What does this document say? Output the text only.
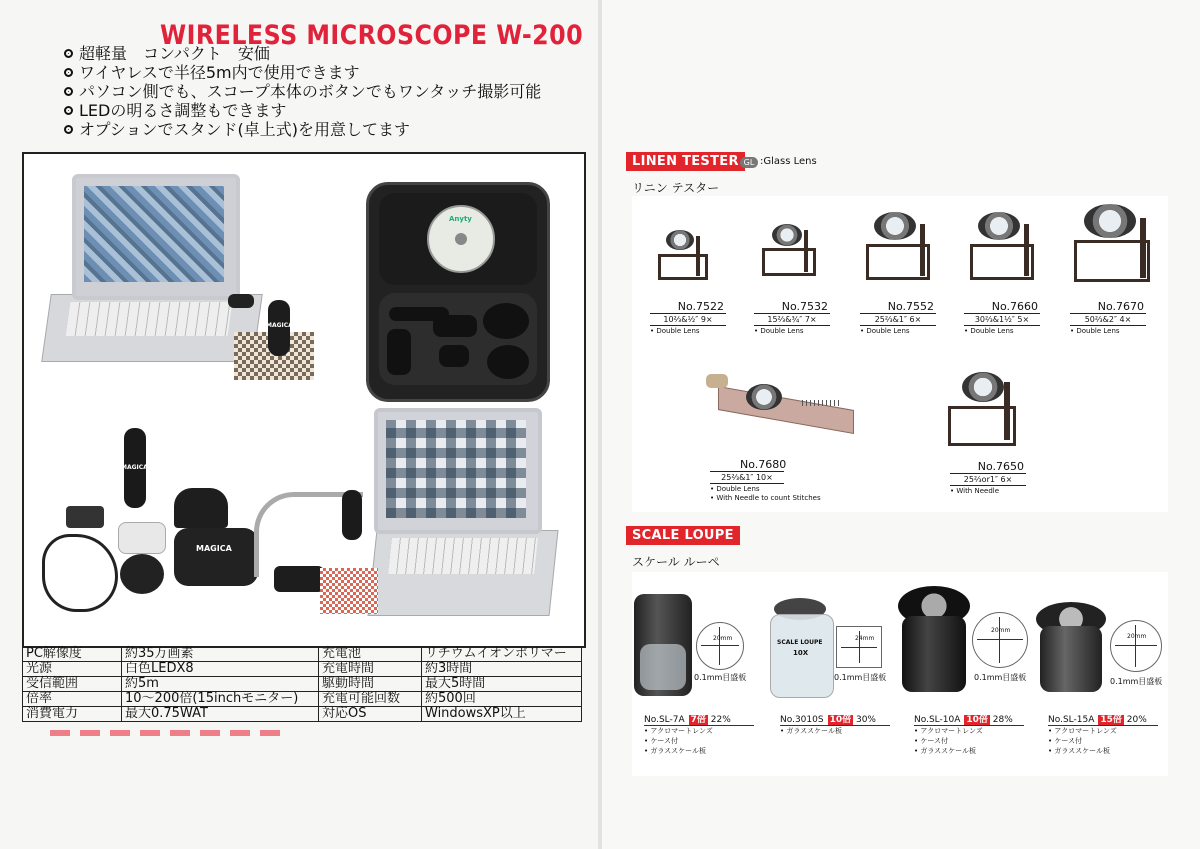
WIRELESS MICROSCOPE W-200
超軽量　コンパクト　安価
ワイヤレスで半径5m内で使用できます
パソコン側でも、スコープ本体のボタンでもワンタッチ撮影可能
LEDの明るさ調整もできます
オプションでスタンド(卓上式)を用意してます
MAGICA
Anyty
MAGICA
MAGICA
PC解像度	約35万画素	充電池	リチウムイオンポリマー
光源	白色LEDX8	充電時間	約3時間
受信範囲	約5m	駆動時間	最大5時間
倍率	10〜200倍(15inchモニター)	充電可能回数	約500回
消費電力	最大0.75WAT	対応OS	WindowsXP以上
LINEN TESTER GL :Glass Lens
リニン テスター
No.7522
10⅔&½″ 9×
• Double Lens
No.7532
15⅔&¾″ 7×
• Double Lens
No.7552
25⅔&1″ 6×
• Double Lens
No.7660
30⅔&1½″ 5×
• Double Lens
No.7670
50⅔&2″ 4×
• Double Lens
No.7680
25⅔&1″ 10×
• Double Lens
• With Needle to count Stitches
No.7650
25⅔or1″ 6×
• With Needle
SCALE LOUPE
スケール ルーペ
20mm
0.1mm目盛板
SCALE LOUPE
10X
24mm
0.1mm目盛板
20mm
0.1mm目盛板
20mm
0.1mm目盛板
No.SL-7A 7倍 22%
• アクロマートレンズ
• ケース付
• ガラススケール板
No.3010S 10倍 30%
• ガラススケール板
No.SL-10A 10倍 28%
• アクロマートレンズ
• ケース付
• ガラススケール板
No.SL-15A 15倍 20%
• アクロマートレンズ
• ケース付
• ガラススケール板
